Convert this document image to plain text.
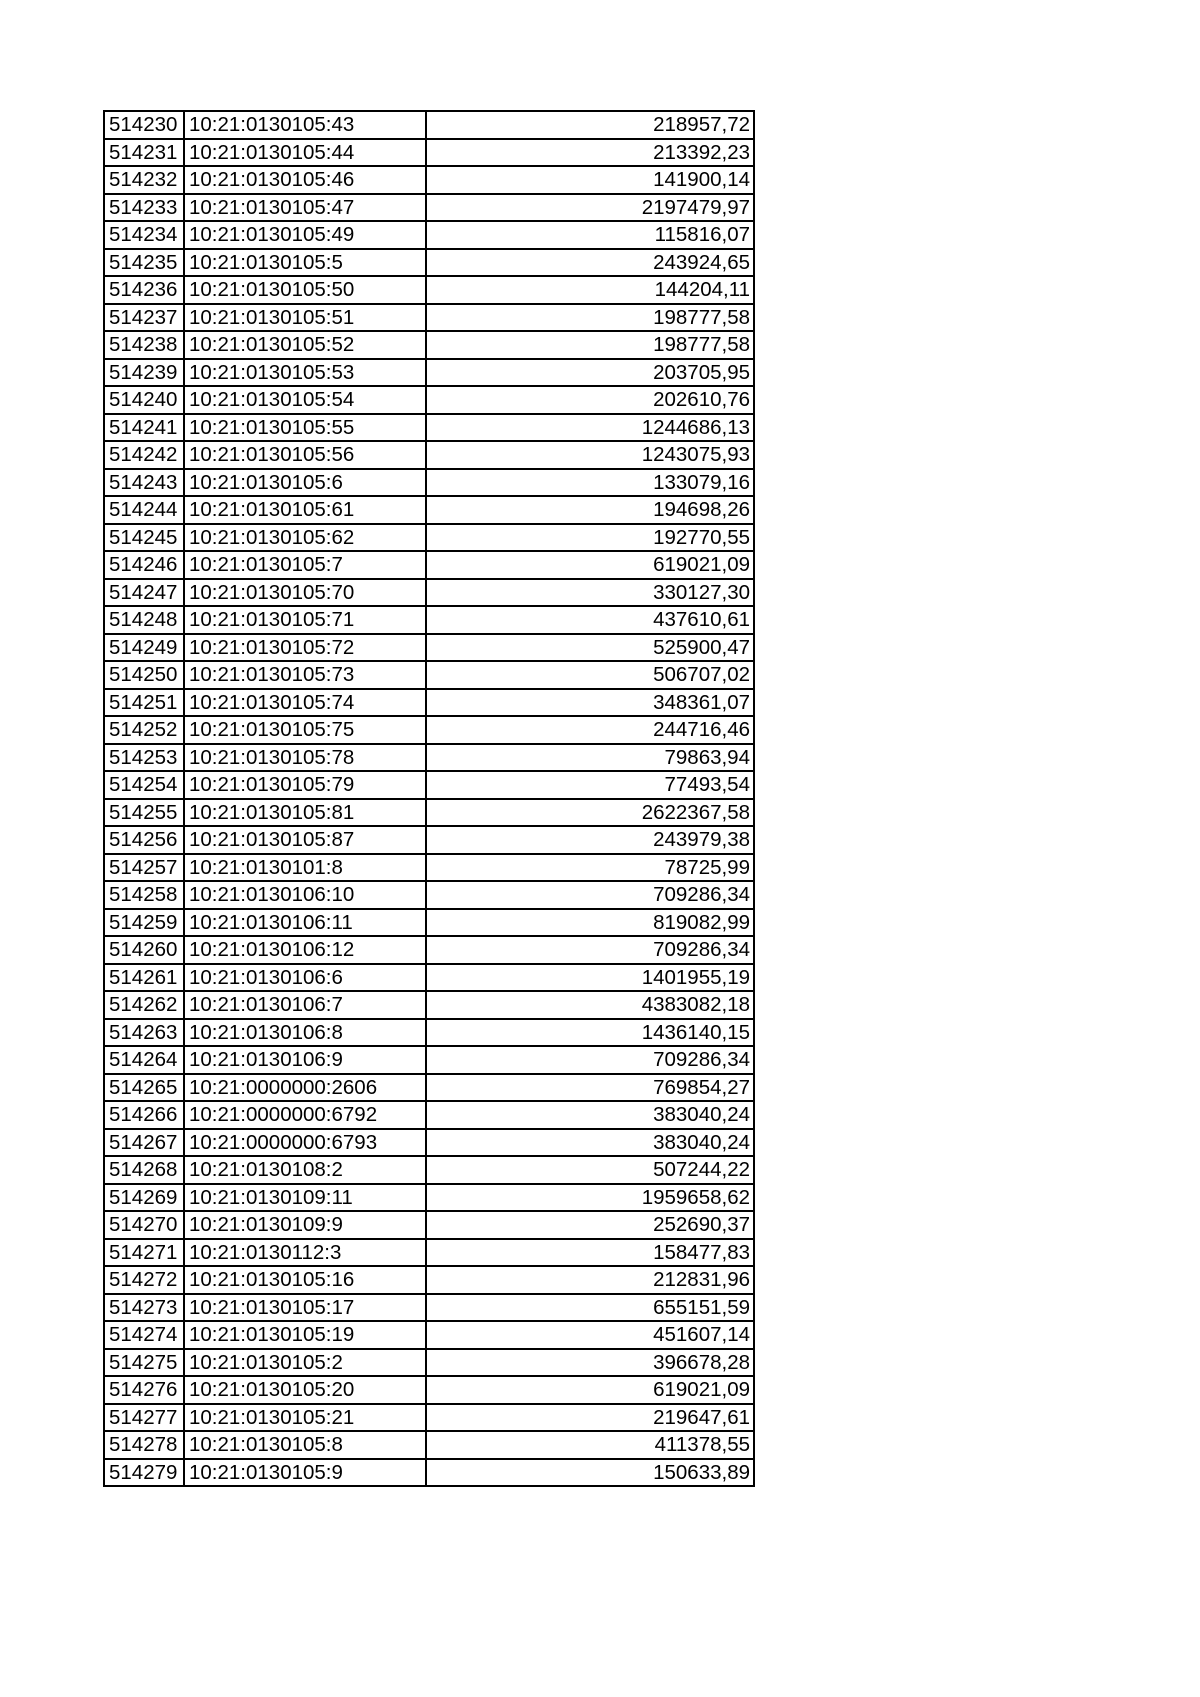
514230	10:21:0130105:43	218957,72
514231	10:21:0130105:44	213392,23
514232	10:21:0130105:46	141900,14
514233	10:21:0130105:47	2197479,97
514234	10:21:0130105:49	115816,07
514235	10:21:0130105:5	243924,65
514236	10:21:0130105:50	144204,11
514237	10:21:0130105:51	198777,58
514238	10:21:0130105:52	198777,58
514239	10:21:0130105:53	203705,95
514240	10:21:0130105:54	202610,76
514241	10:21:0130105:55	1244686,13
514242	10:21:0130105:56	1243075,93
514243	10:21:0130105:6	133079,16
514244	10:21:0130105:61	194698,26
514245	10:21:0130105:62	192770,55
514246	10:21:0130105:7	619021,09
514247	10:21:0130105:70	330127,30
514248	10:21:0130105:71	437610,61
514249	10:21:0130105:72	525900,47
514250	10:21:0130105:73	506707,02
514251	10:21:0130105:74	348361,07
514252	10:21:0130105:75	244716,46
514253	10:21:0130105:78	79863,94
514254	10:21:0130105:79	77493,54
514255	10:21:0130105:81	2622367,58
514256	10:21:0130105:87	243979,38
514257	10:21:0130101:8	78725,99
514258	10:21:0130106:10	709286,34
514259	10:21:0130106:11	819082,99
514260	10:21:0130106:12	709286,34
514261	10:21:0130106:6	1401955,19
514262	10:21:0130106:7	4383082,18
514263	10:21:0130106:8	1436140,15
514264	10:21:0130106:9	709286,34
514265	10:21:0000000:2606	769854,27
514266	10:21:0000000:6792	383040,24
514267	10:21:0000000:6793	383040,24
514268	10:21:0130108:2	507244,22
514269	10:21:0130109:11	1959658,62
514270	10:21:0130109:9	252690,37
514271	10:21:0130112:3	158477,83
514272	10:21:0130105:16	212831,96
514273	10:21:0130105:17	655151,59
514274	10:21:0130105:19	451607,14
514275	10:21:0130105:2	396678,28
514276	10:21:0130105:20	619021,09
514277	10:21:0130105:21	219647,61
514278	10:21:0130105:8	411378,55
514279	10:21:0130105:9	150633,89
